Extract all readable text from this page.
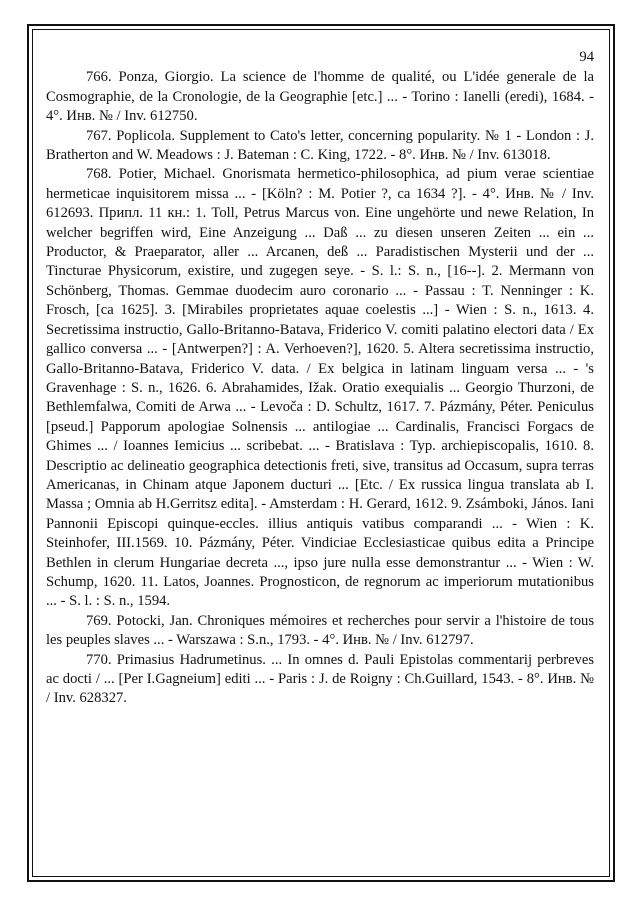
94

766. Ponza, Giorgio. La science de l'homme de qualité, ou L'idée generale de la Cosmographie, de la Cronologie, de la Geographie [etc.] ... - Torino : Ianelli (eredi), 1684. - 4°. Инв. № / Inv. 612750.

767. Poplicola. Supplement to Cato's letter, concerning popularity. № 1 - London : J. Bratherton and W. Meadows : J. Bateman : C. King, 1722. - 8°. Инв. № / Inv. 613018.

768. Potier, Michael. Gnorismata hermetico-philosophica, ad pium verae scientiae hermeticae inquisitorem missa ... - [Köln? : M. Potier ?, ca 1634 ?]. - 4°. Инв. № / Inv. 612693. Припл. 11 кн.: 1. Toll, Petrus Marcus von. Eine ungehörte und newe Relation, In welcher begriffen wird, Eine Anzeigung ... Daß ... zu diesen unseren Zeiten ... ein ... Productor, & Praeparator, aller ... Arcanen, deß ... Paradistischen Mysterii und der ... Tincturae Physicorum, existire, und zugegen seye. - S. l.: S. n., [16--]. 2. Mermann von Schönberg, Thomas. Gemmae duodecim auro coronario ... - Passau : T. Nenninger : K. Frosch, [ca 1625]. 3. [Mirabiles proprietates aquae coelestis ...] - Wien : S. n., 1613. 4. Secretissima instructio, Gallo-Britanno-Batava, Friderico V. comiti palatino electori data / Ex gallico conversa ... - [Antwerpen?] : A. Verhoeven?], 1620. 5. Altera secretissima instructio, Gallo-Britanno-Batava, Friderico V. data. / Ex belgica in latinam linguam versa ... - 's Gravenhage : S. n., 1626. 6. Abrahamides, Ižak. Oratio exequialis ... Georgio Thurzoni, de Bethlemfalwa, Comiti de Arwa ... - Levoča : D. Schultz, 1617. 7. Pázmány, Péter. Peniculus [pseud.] Papporum apologiae Solnensis ... antilogiae ... Cardinalis, Francisci Forgacs de Ghimes ... / Ioannes Iemicius ... scribebat. ... - Bratislava : Typ. archiepiscopalis, 1610. 8. Descriptio ac delineatio geographica detectionis freti, sive, transitus ad Occasum, supra terras Americanas, in Chinam atque Japonem ducturi ... [Etc. / Ex russica lingua translata ab I. Massa ; Omnia ab H.Gerritsz edita]. - Amsterdam : H. Gerard, 1612. 9. Zsámboki, János. Iani Pannonii Episcopi quinque-eccles. illius antiquis vatibus comparandi ... - Wien : K. Steinhofer, III.1569. 10. Pázmány, Péter. Vindiciae Ecclesiasticae quibus edita a Principe Bethlen in clerum Hungariae decreta ..., ipso jure nulla esse demonstrantur ... - Wien : W. Schump, 1620. 11. Latos, Joannes. Prognosticon, de regnorum ac imperiorum mutationibus ... - S. l. : S. n., 1594.

769. Potocki, Jan. Chroniques mémoires et recherches pour servir a l'histoire de tous les peuples slaves ... - Warszawa : S.n., 1793. - 4°. Инв. № / Inv. 612797.

770. Primasius Hadrumetinus. ... In omnes d. Pauli Epistolas commentarij perbreves ac docti / ... [Per I.Gagneium] editi ... - Paris : J. de Roigny : Ch.Guillard, 1543. - 8°. Инв. № / Inv. 628327.
